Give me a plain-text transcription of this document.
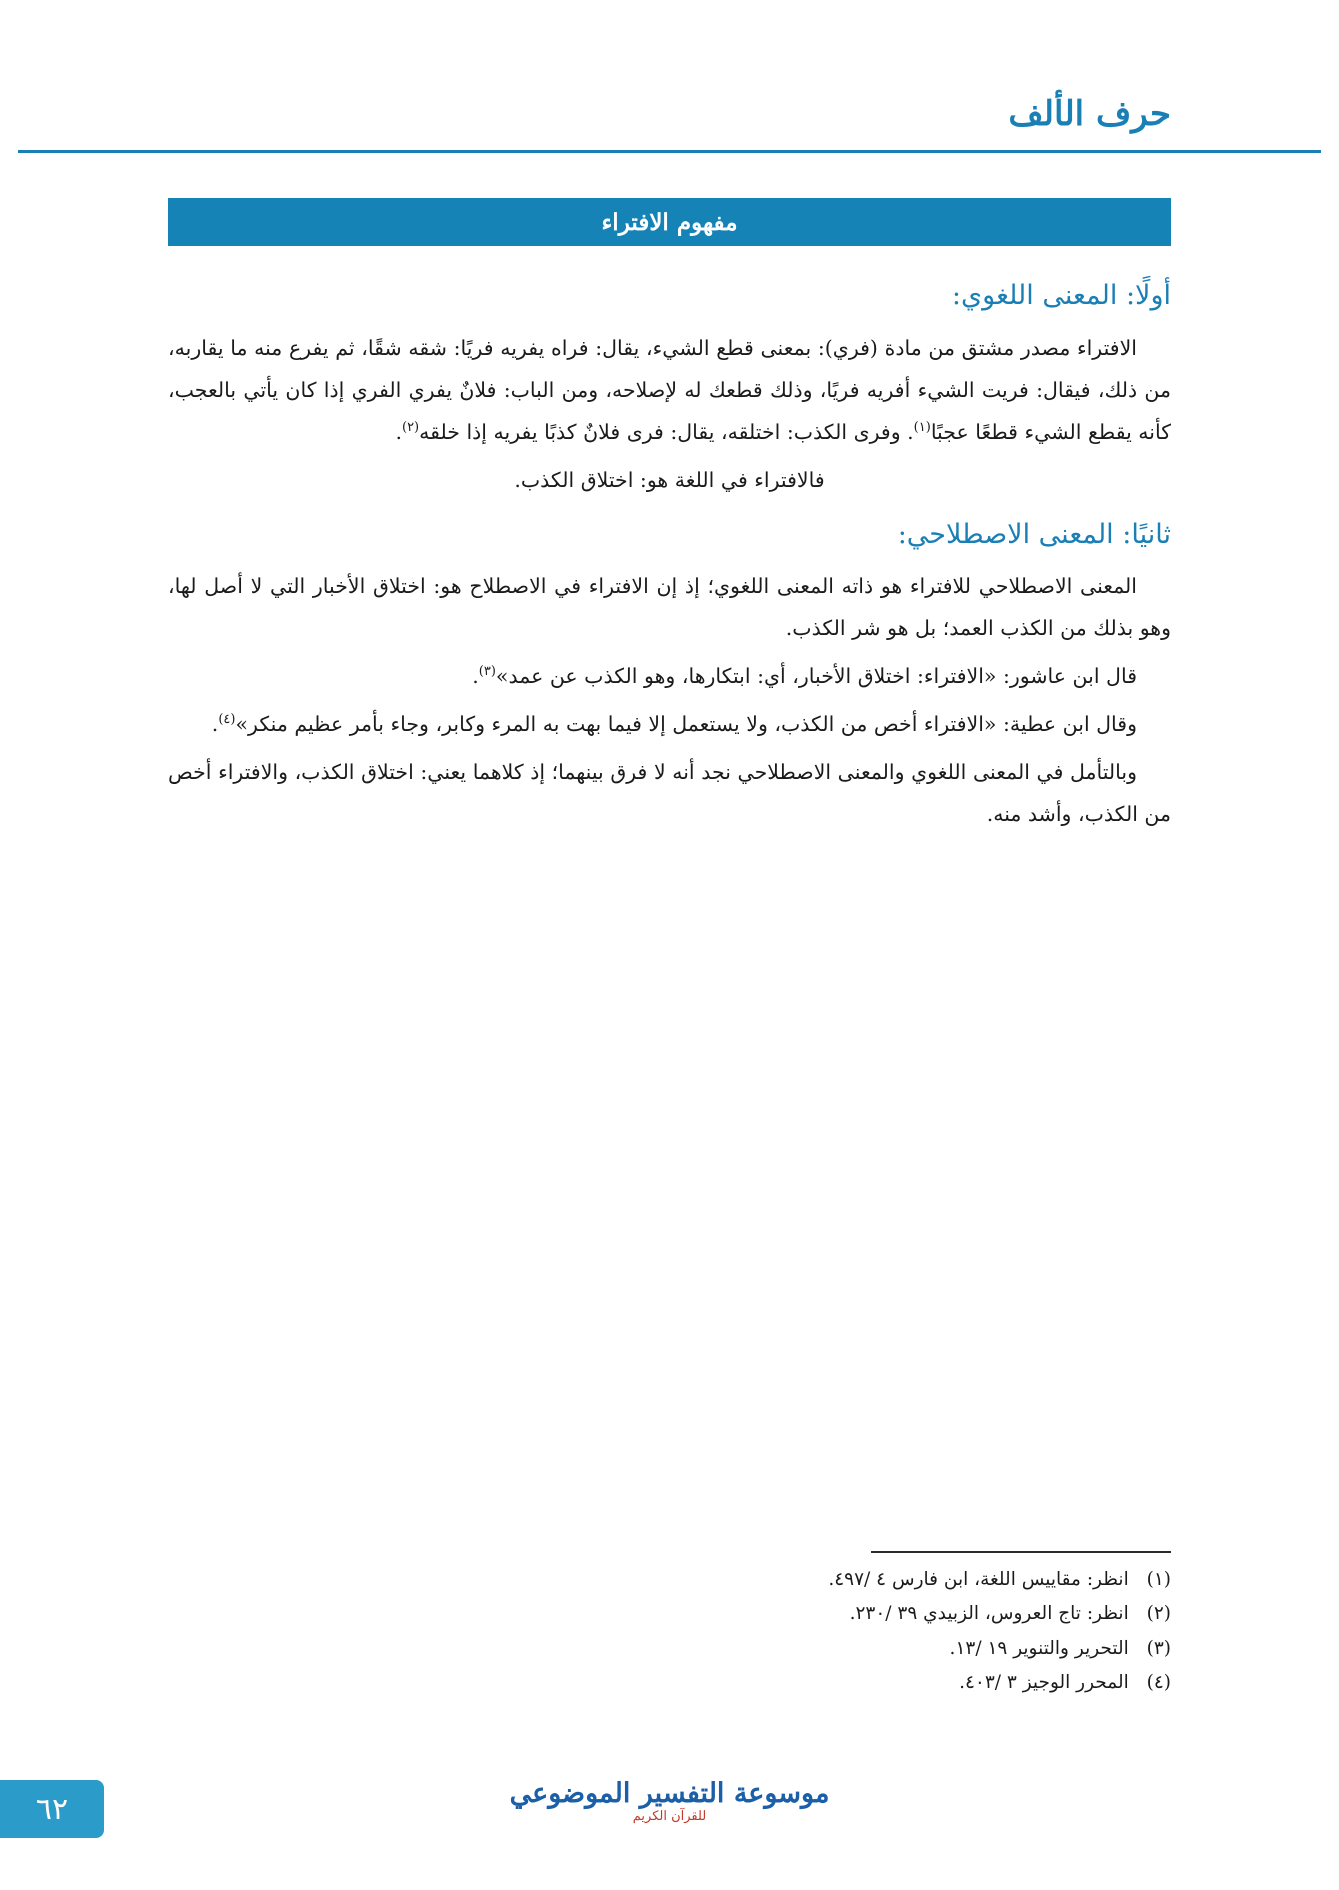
حرف الألف
مفهوم الافتراء
أولًا: المعنى اللغوي:

الافتراء مصدر مشتق من مادة (فري): بمعنى قطع الشيء، يقال: فراه يفريه فريًا: شقه شقًا، ثم يفرع منه ما يقاربه، من ذلك، فيقال: فريت الشيء أفريه فريًا، وذلك قطعك له لإصلاحه، ومن الباب: فلانٌ يفري الفري إذا كان يأتي بالعجب، كأنه يقطع الشيء قطعًا عجبًا$^{(١)}$. وفرى الكذب: اختلقه، يقال: فرى فلانٌ كذبًا يفريه إذا خلقه$^{(٢)}$.

فالافتراء في اللغة هو: اختلاق الكذب.

ثانيًا: المعنى الاصطلاحي:

المعنى الاصطلاحي للافتراء هو ذاته المعنى اللغوي؛ إذ إن الافتراء في الاصطلاح هو: اختلاق الأخبار التي لا أصل لها، وهو بذلك من الكذب العمد؛ بل هو شر الكذب.

قال ابن عاشور: «الافتراء: اختلاق الأخبار، أي: ابتكارها، وهو الكذب عن عمد»$^{(٣)}$.

وقال ابن عطية: «الافتراء أخص من الكذب، ولا يستعمل إلا فيما بهت به المرء وكابر، وجاء بأمر عظيم منكر»$^{(٤)}$.

وبالتأمل في المعنى اللغوي والمعنى الاصطلاحي نجد أنه لا فرق بينهما؛ إذ كلاهما يعني: اختلاق الكذب، والافتراء أخص من الكذب، وأشد منه.

(١) انظر: مقاييس اللغة، ابن فارس ٤ /٤٩٧.
(٢) انظر: تاج العروس، الزبيدي ٣٩ /٢٣٠.
(٣) التحرير والتنوير ١٩ /١٣.
(٤) المحرر الوجيز ٣ /٤٠٣.
موسوعة التفسير الموضوعي
للقرآن الكريم
٦٢
